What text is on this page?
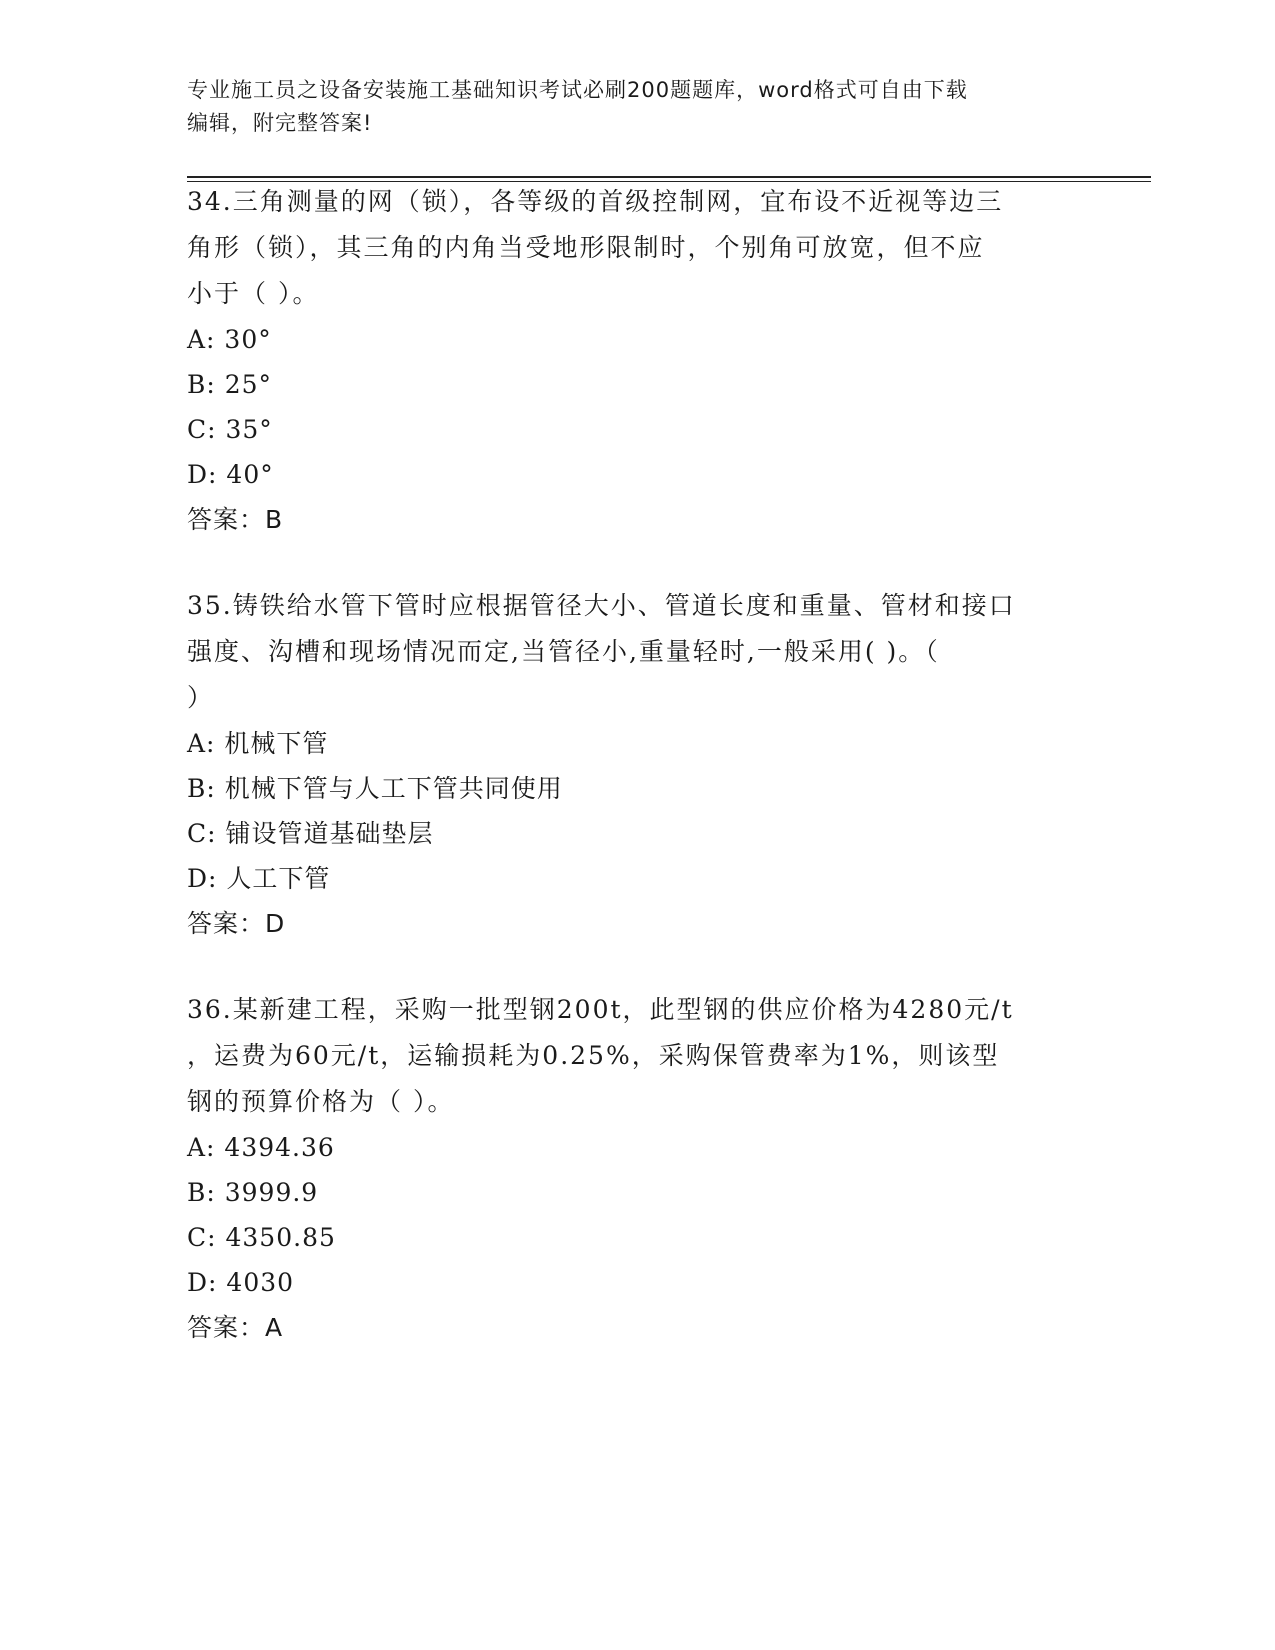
专业施工员之设备安装施工基础知识考试必刷200题题库，word格式可自由下载
编辑，附完整答案!
34.三角测量的网（锁），各等级的首级控制网，宜布设不近视等边三
角形（锁），其三角的内角当受地形限制时，个别角可放宽，但不应
小于（ ）。
A: 30°
B: 25°
C: 35°
D: 40°
答案：B
35.铸铁给水管下管时应根据管径大小、管道长度和重量、管材和接口
强度、沟槽和现场情况而定,当管径小,重量轻时,一般采用( )。（
）
A: 机械下管
B: 机械下管与人工下管共同使用
C: 铺设管道基础垫层
D: 人工下管
答案：D
36.某新建工程，采购一批型钢200t，此型钢的供应价格为4280元/t
，运费为60元/t，运输损耗为0.25%，采购保管费率为1%，则该型
钢的预算价格为（ ）。
A: 4394.36
B: 3999.9
C: 4350.85
D: 4030
答案：A
